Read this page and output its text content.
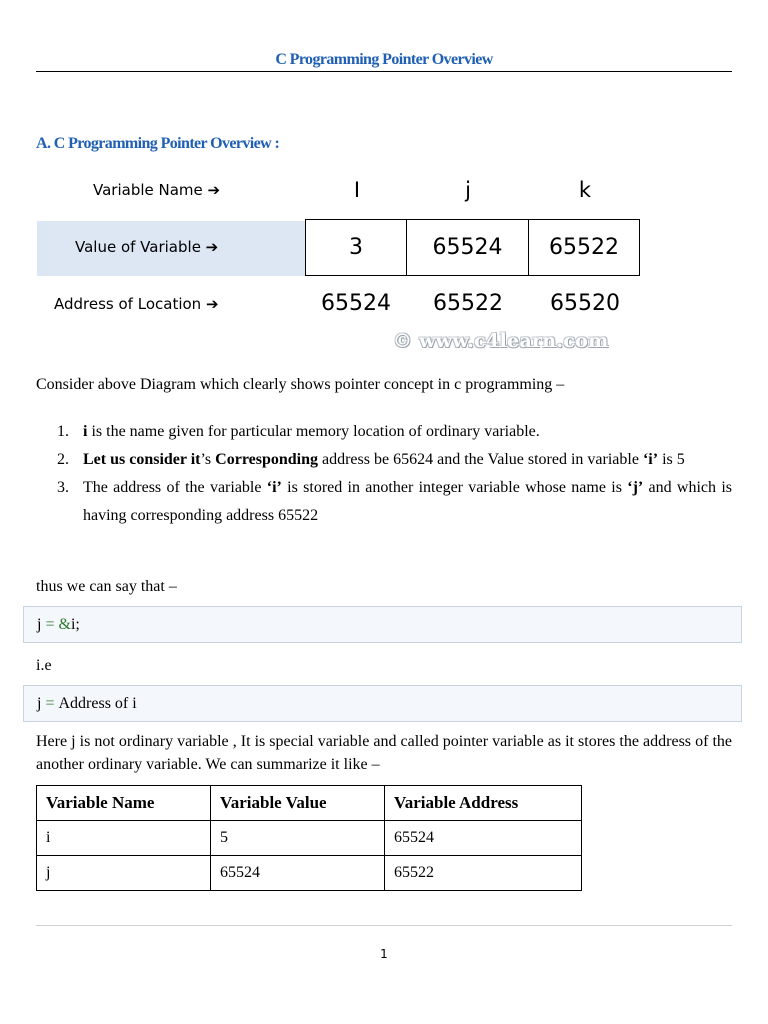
C Programming Pointer Overview
A. C Programming Pointer Overview :
Variable Name ➔	I	j	k
Value of Variable ➔	3	65524	65522
Address of Location ➔	65524	65522	65520
© www.c4learn.com
Consider above Diagram which clearly shows pointer concept in c programming –
1. i is the name given for particular memory location of ordinary variable.
2. Let us consider it’s Corresponding address be 65624 and the Value stored in variable ‘i’ is 5
3. The address of the variable ‘i’ is stored in another integer variable whose name is ‘j’ and which is having corresponding address 65522
thus we can say that –
j
=
& i;
i.e
j
=
Address of i
Here j is not ordinary variable , It is special variable and called pointer variable as it stores the address of the another ordinary variable. We can summarize it like –
Variable Name	Variable Value	Variable Address
i	5	65524
j	65524	65522
1
